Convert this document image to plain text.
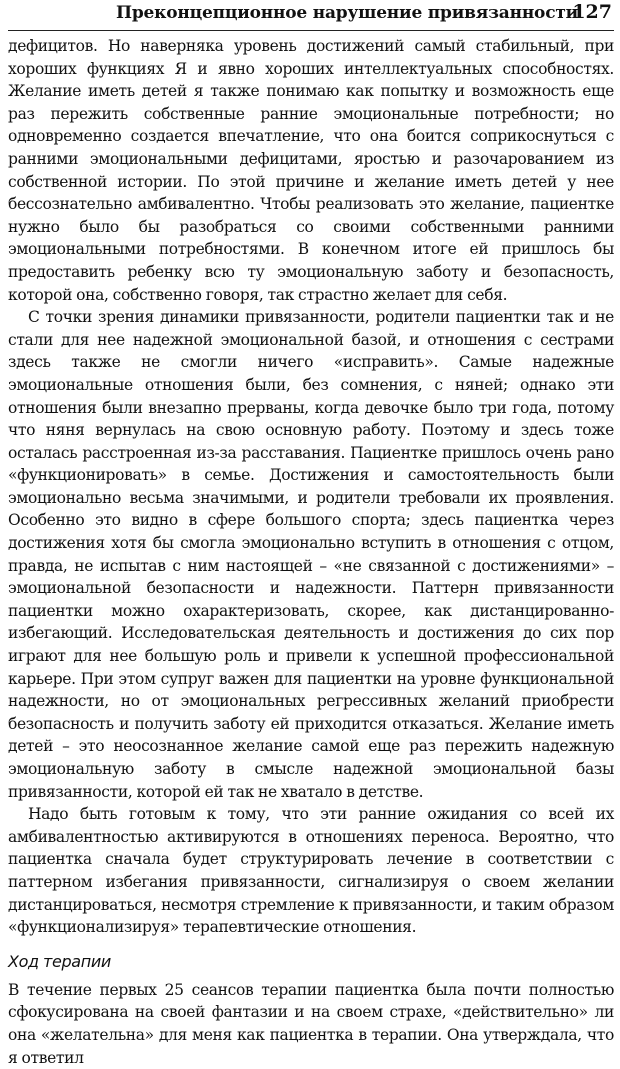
Преконцепционное нарушение привязанности
127

дефицитов. Но наверняка уровень достижений самый стабильный, при хороших функциях Я и явно хороших интеллектуальных способностях. Желание иметь детей я также понимаю как попытку и возможность еще раз пережить собственные ранние эмоциональные потребности; но одновременно создается впечатление, что она боится соприкоснуться с ранними эмоциональными дефицитами, яростью и разочарованием из собственной истории. По этой причине и желание иметь детей у нее бессознательно амбивалентно. Чтобы реализовать это желание, пациентке нужно было бы разобраться со своими собственными ранними эмоциональными потребностями. В конечном итоге ей пришлось бы предоставить ребенку всю ту эмоциональную заботу и безопасность, которой она, собственно говоря, так страстно желает для себя.

С точки зрения динамики привязанности, родители пациентки так и не стали для нее надежной эмоциональной базой, и отношения с сестрами здесь также не смогли ничего «исправить». Самые надежные эмоциональные отношения были, без сомнения, с няней; однако эти отношения были внезапно прерваны, когда девочке было три года, потому что няня вернулась на свою основную работу. Поэтому и здесь тоже осталась расстроенная из-за расставания. Пациентке пришлось очень рано «функционировать» в семье. Достижения и самостоятельность были эмоционально весьма значимыми, и родители требовали их проявления. Особенно это видно в сфере большого спорта; здесь пациентка через достижения хотя бы смогла эмоционально вступить в отношения с отцом, правда, не испытав с ним настоящей – «не связанной с достижениями» – эмоциональной безопасности и надежности. Паттерн привязанности пациентки можно охарактеризовать, скорее, как дистанцированно-избегающий. Исследовательская деятельность и достижения до сих пор играют для нее большую роль и привели к успешной профессиональной карьере. При этом супруг важен для пациентки на уровне функциональной надежности, но от эмоциональных регрессивных желаний приобрести безопасность и получить заботу ей приходится отказаться. Желание иметь детей – это неосознанное желание самой еще раз пережить надежную эмоциональную заботу в смысле надежной эмоциональной базы привязанности, которой ей так не хватало в детстве.

Надо быть готовым к тому, что эти ранние ожидания со всей их амбивалентностью активируются в отношениях переноса. Вероятно, что пациентка сначала будет структурировать лечение в соответствии с паттерном избегания привязанности, сигнализируя о своем желании дистанцироваться, несмотря стремление к привязанности, и таким образом «функционализируя» терапевтические отношения.

Ход терапии

В течение первых 25 сеансов терапии пациентка была почти полностью сфокусирована на своей фантазии и на своем страхе, «действительно» ли она «желательна» для меня как пациентка в терапии. Она утверждала, что я ответил
